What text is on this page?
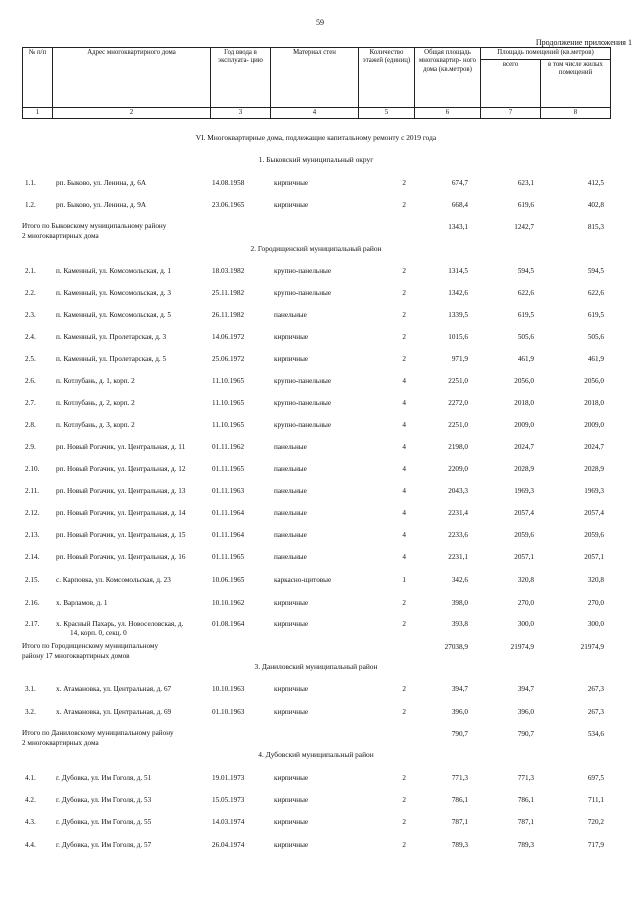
59
Продолжение приложения 1
№ п/п	Адрес многоквартирного дома	Год ввода в эксплуата- цию	Материал стен	Количество этажей (единиц)	Общая площадь многоквартир- ного дома (кв.метров)	Площадь помещений (кв.метров)	
						всего	в том числе жилых помещений
1	2	3	4	5	6	7	8
VI. Многоквартирные дома, подлежащие капитальному ремонту с 2019 года
1. Быковский муниципальный округ
1.1.	рп. Быково, ул. Ленина, д. 6А	14.08.1958	кирпичные	2	674,7	623,1	412,5
1.2.	рп. Быково, ул. Ленина, д. 9А	23.06.1965	кирпичные	2	668,4	619,6	402,8
Итого по Быковскому муниципальному району
2 многоквартирных дома
1343,1	1242,7	815,3
2. Городищенский муниципальный район
2.1.	п. Каменный, ул. Комсомольская, д. 1	18.03.1982	крупно-панельные	2	1314,5	594,5	594,5
2.2.	п. Каменный, ул. Комсомольская, д. 3	25.11.1982	крупно-панельные	2	1342,6	622,6	622,6
2.3.	п. Каменный, ул. Комсомольская, д. 5	26.11.1982	панельные	2	1339,5	619,5	619,5
2.4.	п. Каменный, ул. Пролетарская, д. 3	14.06.1972	кирпичные	2	1015,6	505,6	505,6
2.5.	п. Каменный, ул. Пролетарская, д. 5	25.06.1972	кирпичные	2	971,9	461,9	461,9
2.6.	п. Котлубань, д. 1, корп. 2	11.10.1965	крупно-панельные	4	2251,0	2056,0	2056,0
2.7.	п. Котлубань, д. 2, корп. 2	11.10.1965	крупно-панельные	4	2272,0	2018,0	2018,0
2.8.	п. Котлубань, д. 3, корп. 2	11.10.1965	крупно-панельные	4	2251,0	2009,0	2009,0
2.9.	рп. Новый Рогачик, ул. Центральная, д. 11	01.11.1962	панельные	4	2198,0	2024,7	2024,7
2.10. рп. Новый Рогачик, ул. Центральная, д. 12	01.11.1965	панельные	4	2209,0	2028,9	2028,9
2.11. рп. Новый Рогачик, ул. Центральная, д. 13	01.11.1963	панельные	4	2043,3	1969,3	1969,3
2.12. рп. Новый Рогачик, ул. Центральная, д. 14	01.11.1964	панельные	4	2231,4	2057,4	2057,4
2.13. рп. Новый Рогачик, ул. Центральная, д. 15	01.11.1964	панельные	4	2233,6	2059,6	2059,6
2.14. рп. Новый Рогачик, ул. Центральная, д. 16	01.11.1965	панельные	4	2231,1	2057,1	2057,1
2.15. с. Карповка, ул. Комсомольская, д. 23	10.06.1965	каркасно-щитовые	1	342,6	320,8	320,8
2.16. х. Варламов, д. 1	10.10.1962	кирпичные	2	398,0	270,0	270,0
2.17. х. Красный Пахарь, ул. Новоселовская, д.
14, корп. 0, секц. 0
01.08.1964	кирпичные	2	393,8	300,0	300,0
Итого по Городищенскому муниципальному
району 17 многоквартирных домов
27038,9	21974,9	21974,9
3. Даниловский муниципальный район
3.1.	х. Атамановка, ул. Центральная, д. 67	10.10.1963	кирпичные	2	394,7	394,7	267,3
3.2.	х. Атамановка, ул. Центральная, д. 69	01.10.1963	кирпичные	2	396,0	396,0	267,3
Итого по Даниловскому муниципальному району
2 многоквартирных дома
790,7	790,7	534,6
4. Дубовский муниципальный район
4.1.	г. Дубовка, ул. Им Гоголя, д. 51	19.01.1973	кирпичные	2	771,3	771,3	697,5
4.2.	г. Дубовка, ул. Им Гоголя, д. 53	15.05.1973	кирпичные	2	786,1	786,1	711,1
4.3.	г. Дубовка, ул. Им Гоголя, д. 55	14.03.1974	кирпичные	2	787,1	787,1	720,2
4.4.	г. Дубовка, ул. Им Гоголя, д. 57	26.04.1974	кирпичные	2	789,3	789,3	717,9
